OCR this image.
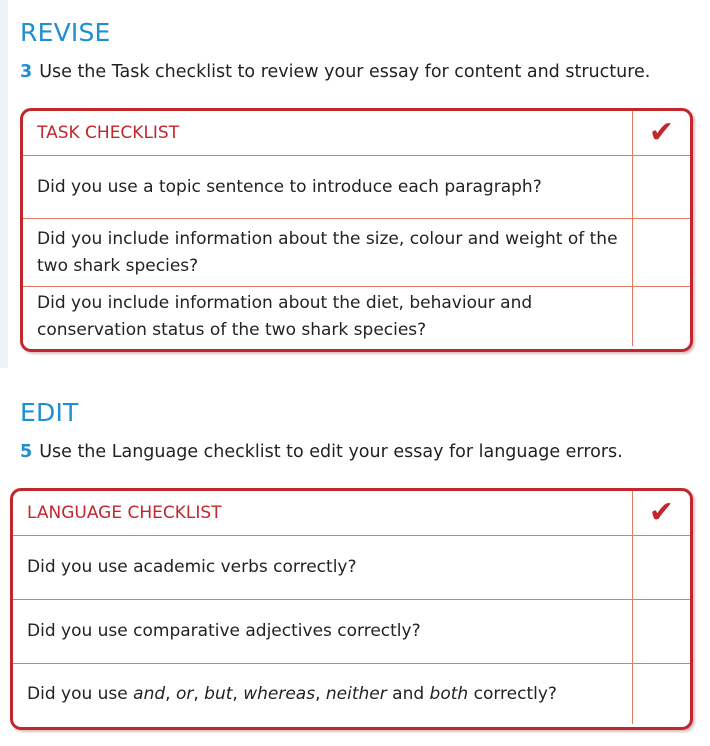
REVISE

3 Use the Task checklist to review your essay for content and structure.

TASK CHECKLIST	✔
Did you use a topic sentence to introduce each paragraph?
Did you include information about the size, colour and weight of the two shark species?
Did you include information about the diet, behaviour and conservation status of the two shark species?
EDIT

5 Use the Language checklist to edit your essay for language errors.

LANGUAGE CHECKLIST	✔
Did you use academic verbs correctly?
Did you use comparative adjectives correctly?
Did you use and, or, but, whereas, neither and both correctly?
